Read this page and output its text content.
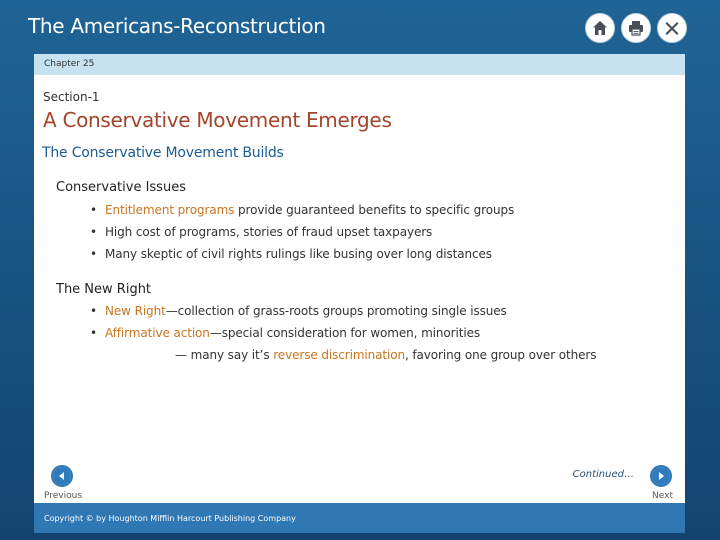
The Americans-Reconstruction
Chapter 25
Section-1
A Conservative Movement Emerges
The Conservative Movement Builds
Conservative Issues
• Entitlement programs provide guaranteed benefits to specific groups
• High cost of programs, stories of fraud upset taxpayers
• Many skeptic of civil rights rulings like busing over long distances
The New Right
• New Right—collection of grass-roots groups promoting single issues
• Affirmative action—special consideration for women, minorities
— many say it’s reverse discrimination, favoring one group over others
Continued…
Previous	Next
Copyright © by Houghton Mifflin Harcourt Publishing Company
